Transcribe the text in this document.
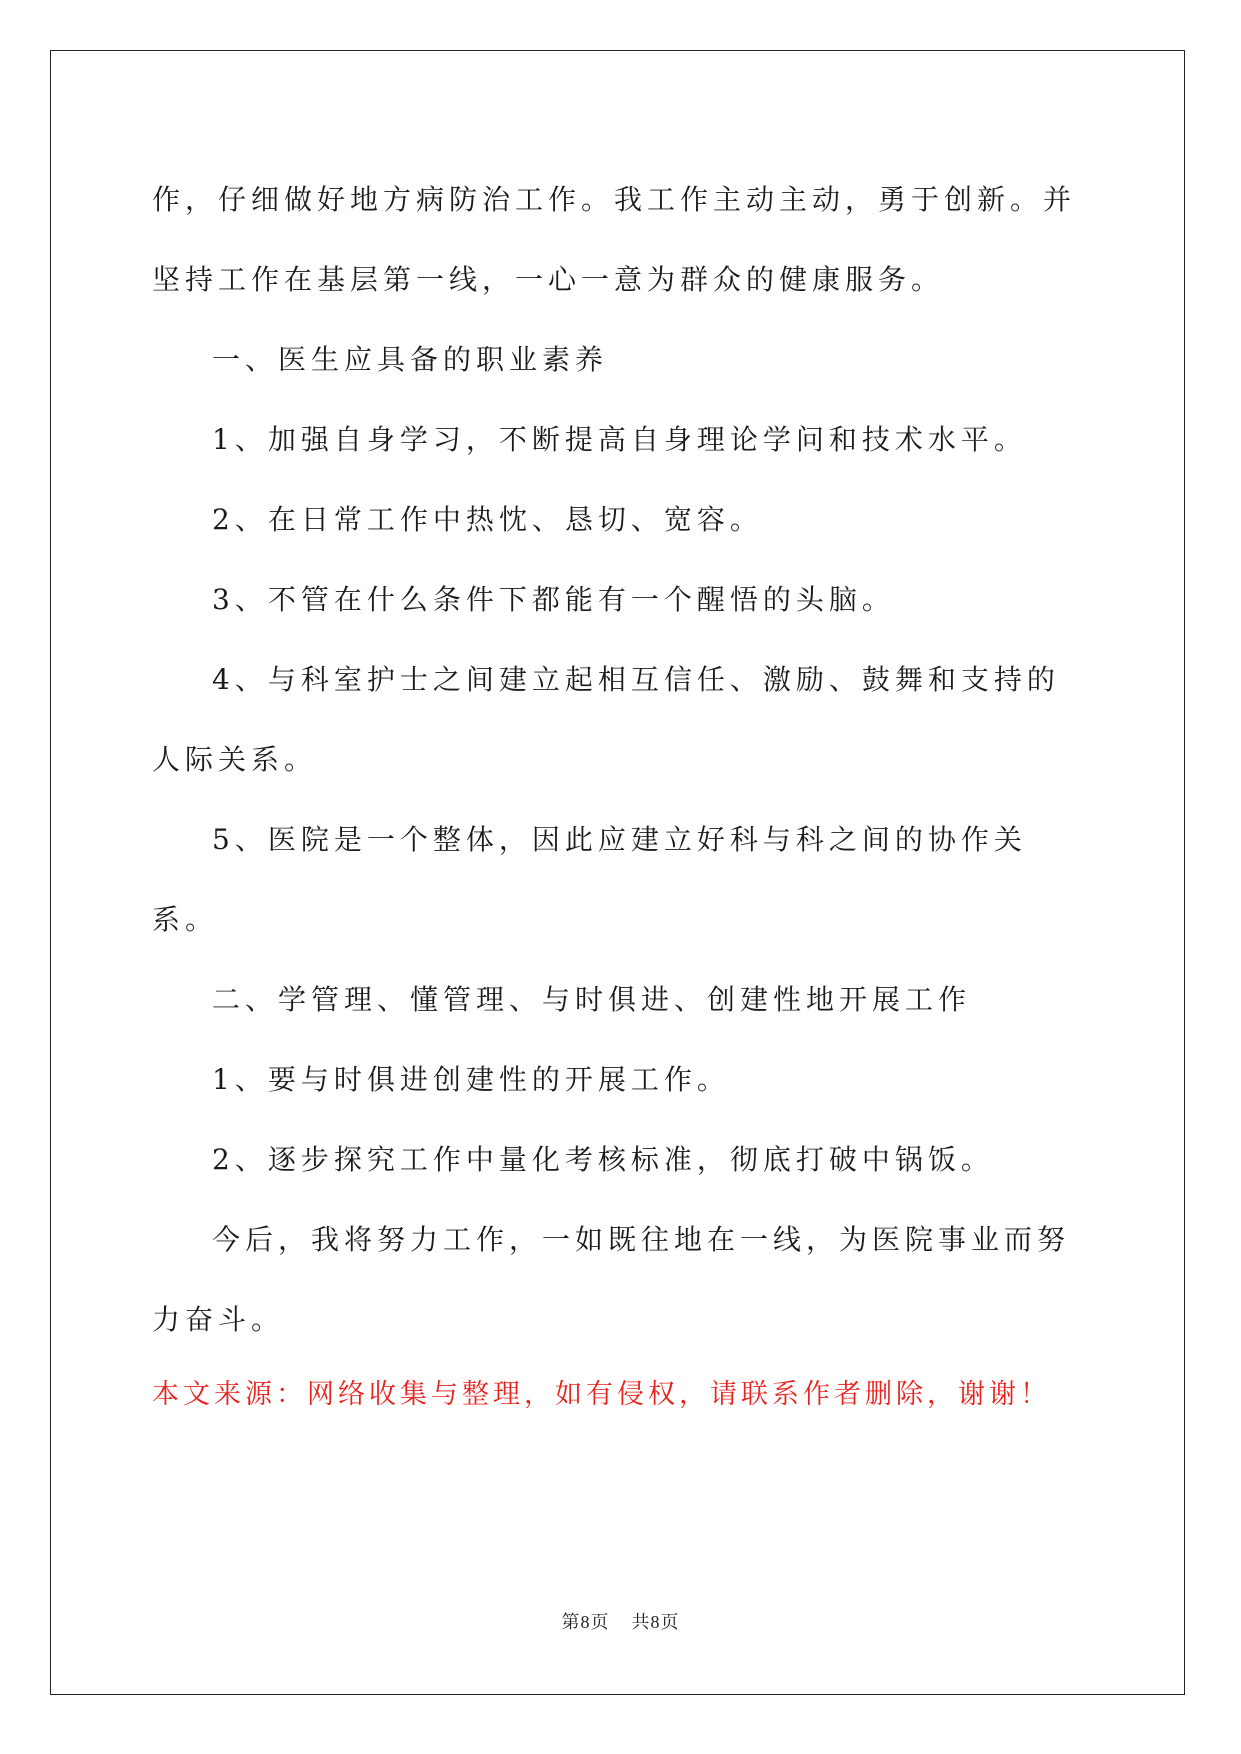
作，仔细做好地方病防治工作。我工作主动主动，勇于创新。并坚持工作在基层第一线，一心一意为群众的健康服务。

一、医生应具备的职业素养

1、加强自身学习，不断提高自身理论学问和技术水平。

2、在日常工作中热忱、恳切、宽容。

3、不管在什么条件下都能有一个醒悟的头脑。

4、与科室护士之间建立起相互信任、激励、鼓舞和支持的人际关系。

5、医院是一个整体，因此应建立好科与科之间的协作关系。

二、学管理、懂管理、与时俱进、创建性地开展工作

1、要与时俱进创建性的开展工作。

2、逐步探究工作中量化考核标准，彻底打破中锅饭。

今后，我将努力工作，一如既往地在一线，为医院事业而努力奋斗。

本文来源：网络收集与整理，如有侵权，请联系作者删除，谢谢！
第8页 共8页
